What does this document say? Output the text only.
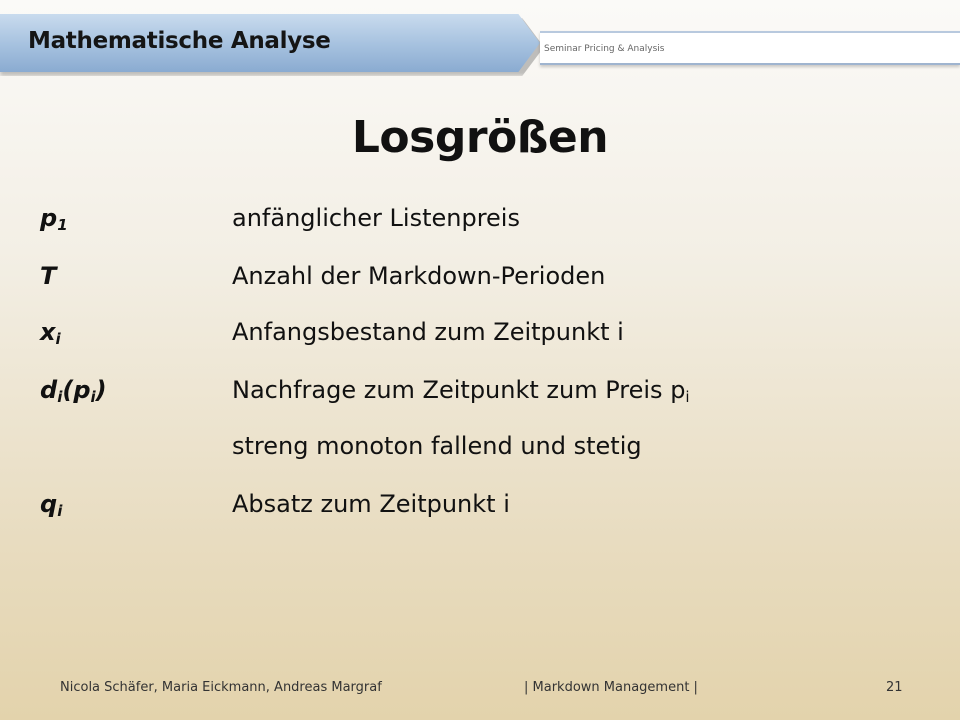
Mathematische Analyse	Seminar Pricing & Analysis
Losgrößen
$p_1$	anfänglicher Listenpreis
T	Anzahl der Markdown-Perioden
$x_i$	Anfangsbestand zum Zeitpunkt i
$d_i(p_i)$	Nachfrage zum Zeitpunkt zum Preis $p_i$
streng monoton fallend und stetig
$q_i$	Absatz zum Zeitpunkt i
Nicola Schäfer, Maria Eickmann, Andreas Margraf	| Markdown Management |	21
